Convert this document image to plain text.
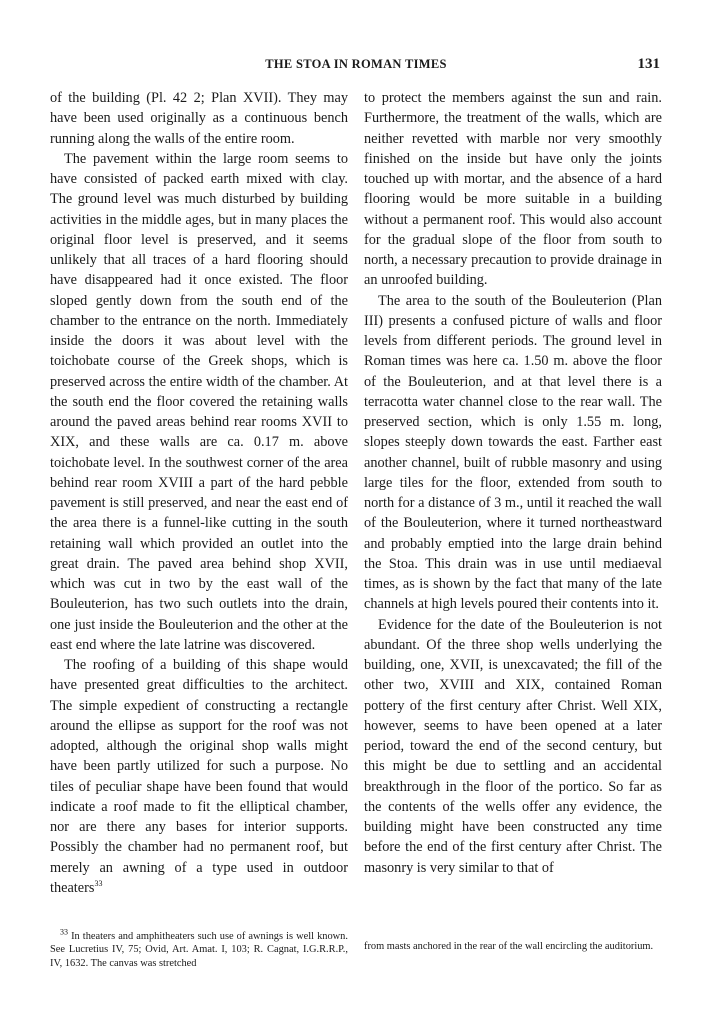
THE STOA IN ROMAN TIMES	131

of the building (Pl. 42 2; Plan XVII). They may have been used originally as a continuous bench running along the walls of the entire room.

The pavement within the large room seems to have consisted of packed earth mixed with clay. The ground level was much disturbed by building activities in the middle ages, but in many places the original floor level is preserved, and it seems unlikely that all traces of a hard flooring should have disappeared had it once existed. The floor sloped gently down from the south end of the chamber to the entrance on the north. Immediately inside the doors it was about level with the toichobate course of the Greek shops, which is preserved across the entire width of the chamber. At the south end the floor covered the retaining walls around the paved areas behind rear rooms XVII to XIX, and these walls are ca. 0.17 m. above toichobate level. In the southwest corner of the area behind rear room XVIII a part of the hard pebble pavement is still preserved, and near the east end of the area there is a funnel-like cutting in the south retaining wall which provided an outlet into the great drain. The paved area behind shop XVII, which was cut in two by the east wall of the Bouleuterion, has two such outlets into the drain, one just inside the Bouleuterion and the other at the east end where the late latrine was discovered.

The roofing of a building of this shape would have presented great difficulties to the architect. The simple expedient of constructing a rectangle around the ellipse as support for the roof was not adopted, although the original shop walls might have been partly utilized for such a purpose. No tiles of peculiar shape have been found that would indicate a roof made to fit the elliptical chamber, nor are there any bases for interior supports. Possibly the chamber had no permanent roof, but merely an awning of a type used in outdoor theaters$^{33}$

to protect the members against the sun and rain. Furthermore, the treatment of the walls, which are neither revetted with marble nor very smoothly finished on the inside but have only the joints touched up with mortar, and the absence of a hard flooring would be more suitable in a building without a permanent roof. This would also account for the gradual slope of the floor from south to north, a necessary precaution to provide drainage in an unroofed building.

The area to the south of the Bouleuterion (Plan III) presents a confused picture of walls and floor levels from different periods. The ground level in Roman times was here ca. 1.50 m. above the floor of the Bouleuterion, and at that level there is a terracotta water channel close to the rear wall. The preserved section, which is only 1.55 m. long, slopes steeply down towards the east. Farther east another channel, built of rubble masonry and using large tiles for the floor, extended from south to north for a distance of 3 m., until it reached the wall of the Bouleuterion, where it turned northeastward and probably emptied into the large drain behind the Stoa. This drain was in use until mediaeval times, as is shown by the fact that many of the late channels at high levels poured their contents into it.

Evidence for the date of the Bouleuterion is not abundant. Of the three shop wells underlying the building, one, XVII, is unexcavated; the fill of the other two, XVIII and XIX, contained Roman pottery of the first century after Christ. Well XIX, however, seems to have been opened at a later period, toward the end of the second century, but this might be due to settling and an accidental breakthrough in the floor of the portico. So far as the contents of the wells offer any evidence, the building might have been constructed any time before the end of the first century after Christ. The masonry is very similar to that of

$^{33}$ In theaters and amphitheaters such use of awnings is well known. See Lucretius IV, 75; Ovid, Art. Amat. I, 103; R. Cagnat, I.G.R.R.P., IV, 1632. The canvas was stretched

from masts anchored in the rear of the wall encircling the auditorium.
